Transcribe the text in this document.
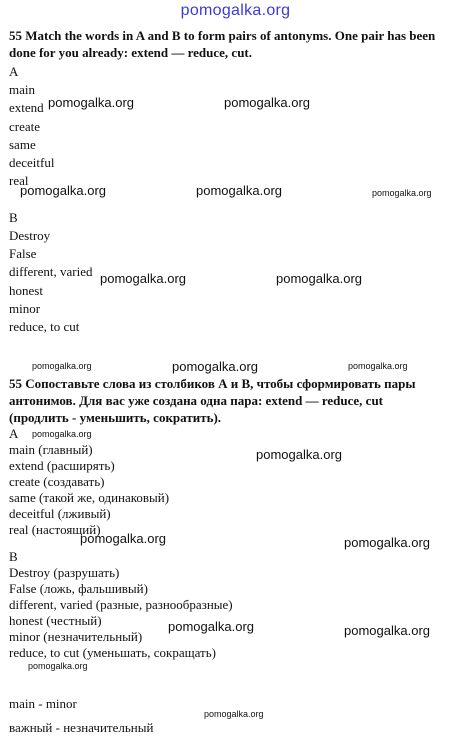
pomogalka.org
55 Match the words in A and B to form pairs of antonyms. One pair has been
done for you already: extend — reduce, cut.
A
main
extend
create
same
deceitful
real
B
Destroy
False
different, varied
honest
minor
reduce, to cut
55 Сопоставьте слова из столбиков А и В, чтобы сформировать пары
антонимов. Для вас уже создана одна пара: extend — reduce, cut
(продлить - уменьшить, сократить).
A
main (главный)
extend (расширять)
create (создавать)
same (такой же, одинаковый)
deceitful (лживый)
real (настоящий)
B
Destroy (разрушать)
False (ложь, фальшивый)
different, varied (разные, разнообразные)
honest (честный)
minor (незначительный)
reduce, to cut (уменьшать, сокращать)
main - minor
важный - незначительный
pomogalka.org	pomogalka.org
pomogalka.org	pomogalka.org	pomogalka.org
pomogalka.org	pomogalka.org
pomogalka.org	pomogalka.org	pomogalka.org
pomogalka.org
pomogalka.org
pomogalka.org	pomogalka.org
pomogalka.org	pomogalka.org
pomogalka.org
pomogalka.org
